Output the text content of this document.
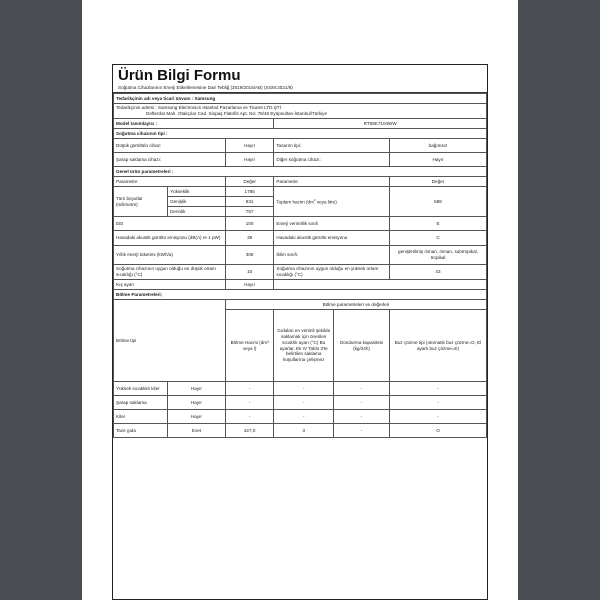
Ürün Bilgi Formu
Soğutma Cihazlarının Enerji Etiketlemesine Dair Tebliğ (2019/2016/AB) (SGM:2021/8)
Tedarikçinin adı veya ticari ünvanı : Samsung					
Tedarikçinin adresi : Samsung Electronics Istanbul Pazarlama ve Ticaret LTD.ŞTİ
Defterdar Mah. Otakçılar Cad. Sinpaş Flatofis Apt. No: 78/46 Eyüpsultan-İstanbul/Türkiye					
Model tanımlayıcı :			RT58K7104WW		
Soğutma cihazının tipi :					
Düşük gürültülü cihaz:		Hayır	Tasarım tipi:		bağımsız
Şarap saklama cihazı:		Hayır	Diğer soğutma cihazı:		Hayır
Genel ürün parametreleri :					
Parametre		Değer	Parametre		Değer
Tüm boyutlar (milimetre)	Yükseklik	1785	Toplam hacim ($dm^3$ veya litre)		588
	Genişlik	831			
	Derinlik	757			
EEI		100	Enerji verimlilik sınıfı		E
Havadaki akustik gürültü emisyonu (dB(A) re 1 pW)		39	Havadaki akustik gürültü emisyonu		C
Yıllık enerji tüketimi (kWh/a)		306	İklim sınıfı:		genişletilmiş ılıman, ılıman, subtropikal, tropikal
Soğutma cihazının uygun olduğu en düşük ortam sıcaklığı (°C)		10	Soğutma cihazının uygun olduğu en yüksek ortam sıcaklığı (°C)		43
Kış ayarı		Hayır			
Bölme Parametreleri;					
Bölme tipi		Bölme parametreleri ve değerleri			
		Bölme Hacmi (dm³ veya l)	Gıdaları en verimli şekilde saklamak için önerilen sıcaklık ayarı (°C) Bu ayarlar, Ek IV Tablo 3'te belirtilen saklama koşullarına çelişmez	Dondurma kapasitesi (kg/24h)	Buz çözme tipi (otomatik buz çözme=O, El ayarlı buz çözme=E)
Yüksek sıcaklıklı kiler	Hayır	-	-	-	-
Şarap saklama	Hayır	-	-	-	-
Kiler	Hayır	-	-	-	-
Taze gıda	Evet	427,0	3	-	O
